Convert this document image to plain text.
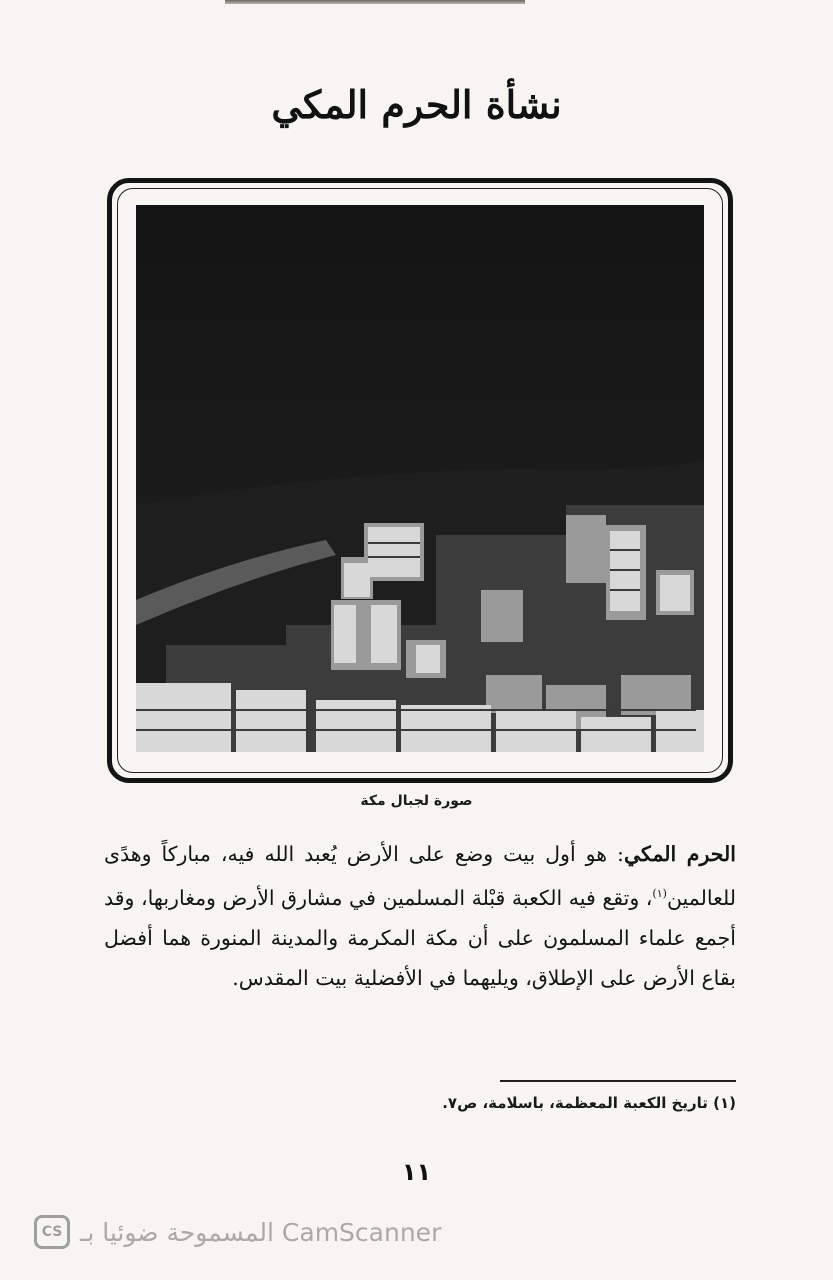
نشأة الحرم المكي
صورة لجبال مكة
الحرم المكي: هو أول بيت وضع على الأرض يُعبد الله فيه، مباركاً وهدًى للعالمين$^{(١)}$، وتقع فيه الكعبة قبْلة المسلمين في مشارق الأرض ومغاربها، وقد أجمع علماء المسلمون على أن مكة المكرمة والمدينة المنورة هما أفضل بقاع الأرض على الإطلاق، ويليهما في الأفضلية بيت المقدس.
(١) تاريخ الكعبة المعظمة، باسلامة، ص٧.
١١
CS المسموحة ضوئيا بـ CamScanner
